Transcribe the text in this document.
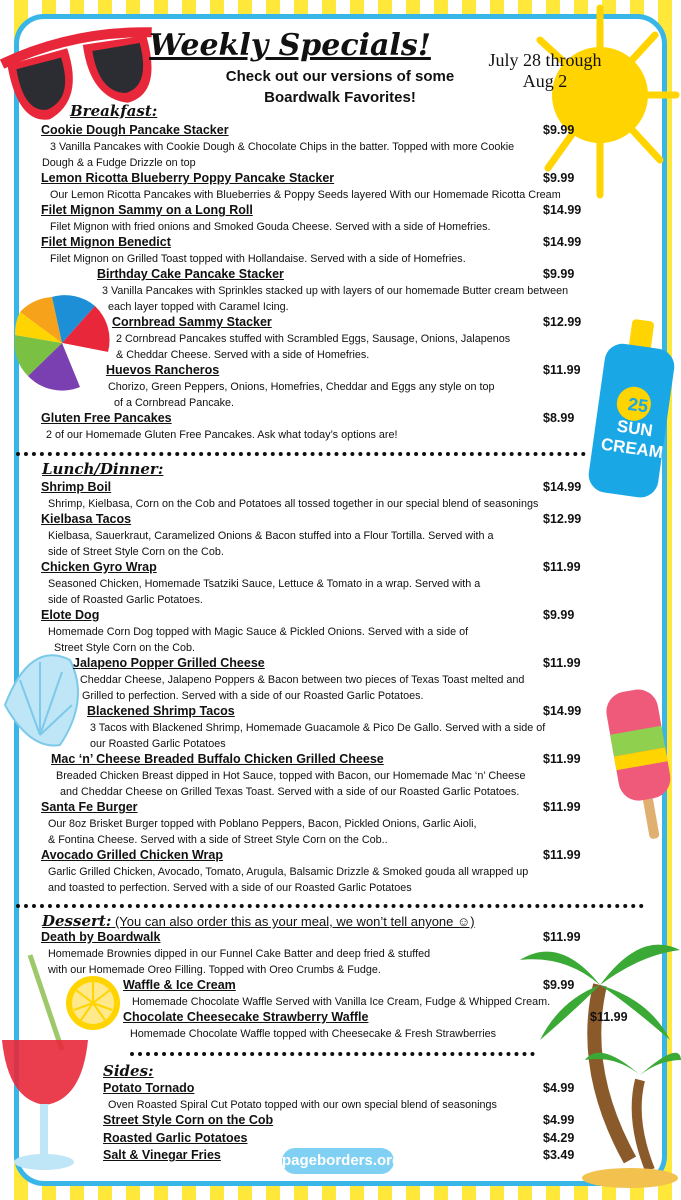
25
SUN
CREAM
Weekly Specials!
Check out our versions of some
Boardwalk Favorites!
July 28 through
Aug 2
Breakfast:
Lunch/Dinner:
Dessert: (You can also order this as your meal, we won’t tell anyone ☺)
Sides:
Cookie Dough Pancake Stacker	$9.99
3 Vanilla Pancakes with Cookie Dough & Chocolate Chips in the batter. Topped with more Cookie
Dough & a Fudge Drizzle on top
Lemon Ricotta Blueberry Poppy Pancake Stacker	$9.99
Our Lemon Ricotta Pancakes with Blueberries & Poppy Seeds layered With our Homemade Ricotta Cream
Filet Mignon Sammy on a Long Roll	$14.99
Filet Mignon with fried onions and Smoked Gouda Cheese. Served with a side of Homefries.
Filet Mignon Benedict	$14.99
Filet Mignon on Grilled Toast topped with Hollandaise. Served with a side of Homefries.
Birthday Cake Pancake Stacker	$9.99
3 Vanilla Pancakes with Sprinkles stacked up with layers of our homemade Butter cream between
each layer topped with Caramel Icing.
Cornbread Sammy Stacker	$12.99
2 Cornbread Pancakes stuffed with Scrambled Eggs, Sausage, Onions, Jalapenos
& Cheddar Cheese. Served with a side of Homefries.
Huevos Rancheros	$11.99
Chorizo, Green Peppers, Onions, Homefries, Cheddar and Eggs any style on top
of a Cornbread Pancake.
Gluten Free Pancakes	$8.99
2 of our Homemade Gluten Free Pancakes. Ask what today’s options are!
Shrimp Boil	$14.99
Shrimp, Kielbasa, Corn on the Cob and Potatoes all tossed together in our special blend of seasonings
Kielbasa Tacos	$12.99
Kielbasa, Sauerkraut, Caramelized Onions & Bacon stuffed into a Flour Tortilla. Served with a
side of Street Style Corn on the Cob.
Chicken Gyro Wrap	$11.99
Seasoned Chicken, Homemade Tsatziki Sauce, Lettuce & Tomato in a wrap. Served with a
side of Roasted Garlic Potatoes.
Elote Dog	$9.99
Homemade Corn Dog topped with Magic Sauce & Pickled Onions. Served with a side of
Street Style Corn on the Cob.
Jalapeno Popper Grilled Cheese	$11.99
Cheddar Cheese, Jalapeno Poppers & Bacon between two pieces of Texas Toast melted and
Grilled to perfection. Served with a side of our Roasted Garlic Potatoes.
Blackened Shrimp Tacos	$14.99
3 Tacos with Blackened Shrimp, Homemade Guacamole & Pico De Gallo. Served with a side of
our Roasted Garlic Potatoes
Mac ‘n’ Cheese Breaded Buffalo Chicken Grilled Cheese	$11.99
Breaded Chicken Breast dipped in Hot Sauce, topped with Bacon, our Homemade Mac ‘n’ Cheese
and Cheddar Cheese on Grilled Texas Toast. Served with a side of our Roasted Garlic Potatoes.
Santa Fe Burger	$11.99
Our 8oz Brisket Burger topped with Poblano Peppers, Bacon, Pickled Onions, Garlic Aioli,
& Fontina Cheese. Served with a side of Street Style Corn on the Cob..
Avocado Grilled Chicken Wrap	$11.99
Garlic Grilled Chicken, Avocado, Tomato, Arugula, Balsamic Drizzle & Smoked gouda all wrapped up
and toasted to perfection. Served with a side of our Roasted Garlic Potatoes
Death by Boardwalk	$11.99
Homemade Brownies dipped in our Funnel Cake Batter and deep fried & stuffed
with our Homemade Oreo Filling. Topped with Oreo Crumbs & Fudge.
Waffle & Ice Cream	$9.99
Homemade Chocolate Waffle Served with Vanilla Ice Cream, Fudge & Whipped Cream.
Chocolate Cheesecake Strawberry Waffle	$11.99
Homemade Chocolate Waffle topped with Cheesecake & Fresh Strawberries
Potato Tornado	$4.99
Oven Roasted Spiral Cut Potato topped with our own special blend of seasonings
Street Style Corn on the Cob	$4.99
Roasted Garlic Potatoes	$4.29
Salt & Vinegar Fries	$3.49
pageborders.org
